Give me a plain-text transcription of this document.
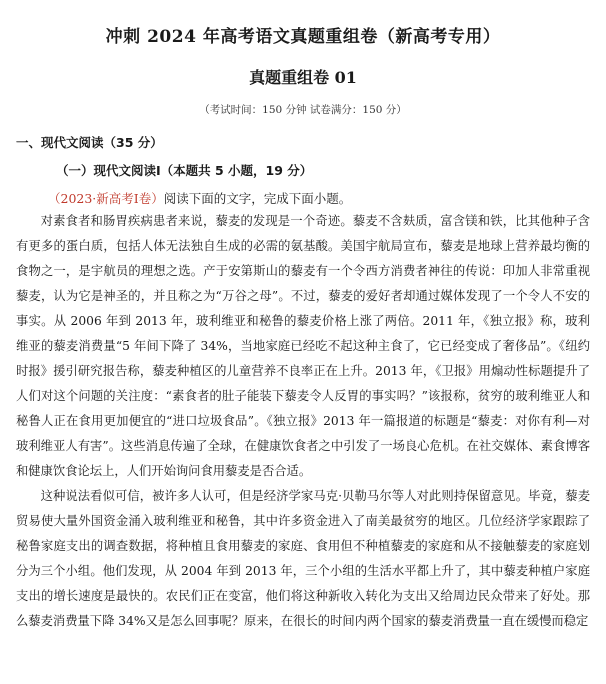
冲刺 2024 年高考语文真题重组卷（新高考专用）
真题重组卷 01
（考试时间：150 分钟 试卷满分：150 分）
一、现代文阅读（35 分）
（一）现代文阅读Ⅰ（本题共 5 小题，19 分）
（2023·新高考Ⅰ卷）阅读下面的文字，完成下面小题。

对素食者和肠胃疾病患者来说，藜麦的发现是一个奇迹。藜麦不含麸质，富含镁和铁，比其他种子含有更多的蛋白质，包括人体无法独自生成的必需的氨基酸。美国宇航局宣布，藜麦是地球上营养最均衡的食物之一，是宇航员的理想之选。产于安第斯山的藜麦有一个令西方消费者神往的传说：印加人非常重视藜麦，认为它是神圣的，并且称之为“万谷之母”。不过，藜麦的爱好者却通过媒体发现了一个令人不安的事实。从 2006 年到 2013 年，玻利维亚和秘鲁的藜麦价格上涨了两倍。2011 年，《独立报》称，玻利维亚的藜麦消费量“5 年间下降了 34%，当地家庭已经吃不起这种主食了，它已经变成了奢侈品”。《纽约时报》援引研究报告称，藜麦种植区的儿童营养不良率正在上升。2013 年，《卫报》用煽动性标题提升了人们对这个问题的关注度：“素食者的肚子能装下藜麦令人反胃的事实吗？”该报称，贫穷的玻利维亚人和秘鲁人正在食用更加便宜的“进口垃圾食品”。《独立报》2013 年一篇报道的标题是“藜麦：对你有利—对玻利维亚人有害”。这些消息传遍了全球，在健康饮食者之中引发了一场良心危机。在社交媒体、素食博客和健康饮食论坛上，人们开始询问食用藜麦是否合适。

这种说法看似可信，被许多人认可，但是经济学家马克·贝勒马尔等人对此则持保留意见。毕竟，藜麦贸易使大量外国资金涌入玻利维亚和秘鲁，其中许多资金进入了南美最贫穷的地区。几位经济学家跟踪了秘鲁家庭支出的调查数据，将种植且食用藜麦的家庭、食用但不种植藜麦的家庭和从不接触藜麦的家庭划分为三个小组。他们发现，从 2004 年到 2013 年，三个小组的生活水平都上升了，其中藜麦种植户家庭支出的增长速度是最快的。农民们正在变富，他们将这种新收入转化为支出又给周边民众带来了好处。那么藜麦消费量下降 34%又是怎么回事呢？原来，在很长的时间内两个国家的藜麦消费量一直在缓慢而稳定
